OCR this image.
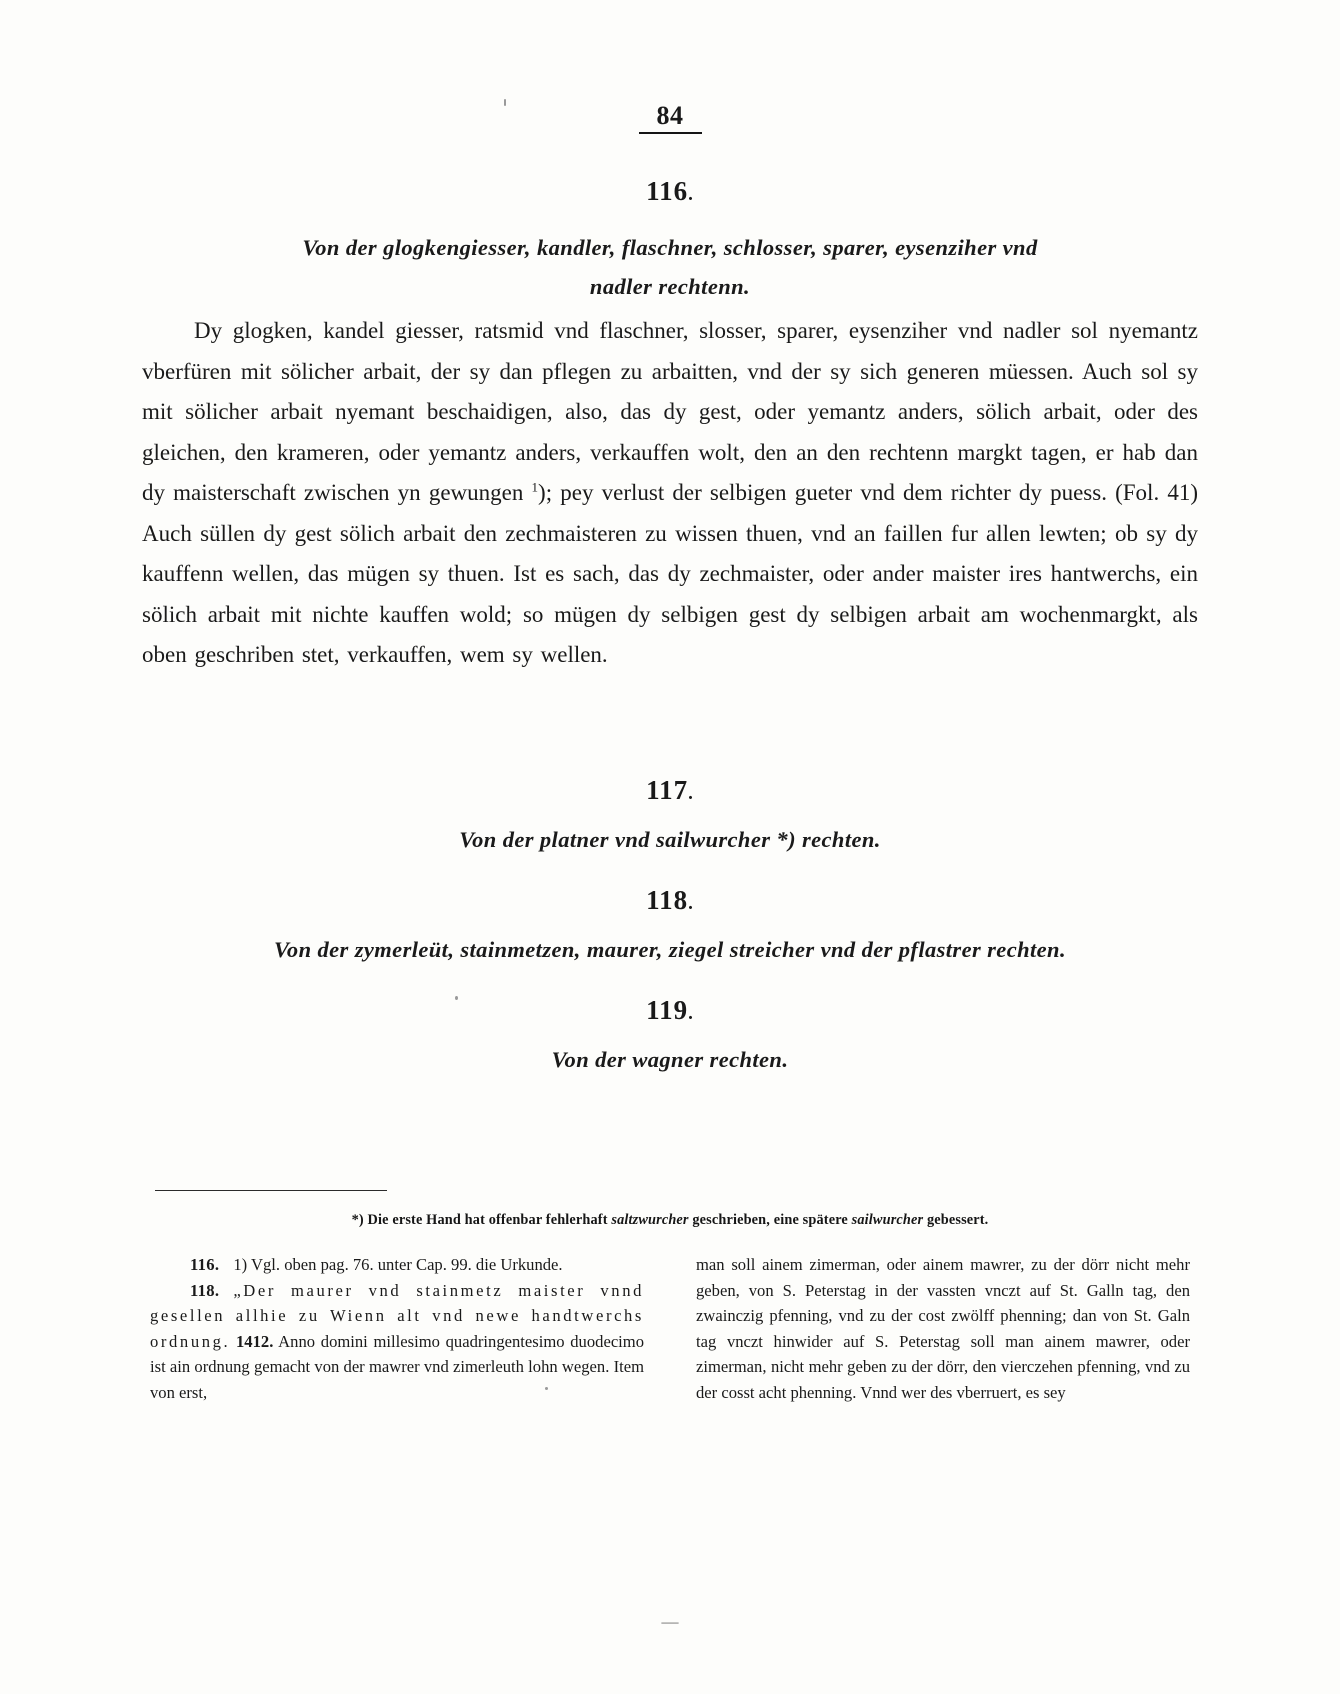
84
116.
Von der glogkengiesser, kandler, flaschner, schlosser, sparer, eysenziher vnd
nadler rechtenn.
Dy glogken, kandel giesser, ratsmid vnd flaschner, slosser, sparer, eysenziher vnd nadler sol nyemantz vberfüren mit sölicher arbait, der sy dan pflegen zu arbaitten, vnd der sy sich generen müessen. Auch sol sy mit sölicher arbait nyemant beschaidigen, also, das dy gest, oder yemantz anders, sölich arbait, oder des gleichen, den krameren, oder yemantz anders, verkauffen wolt, den an den rechtenn margkt tagen, er hab dan dy maisterschaft zwischen yn gewungen $^1$); pey verlust der selbigen gueter vnd dem richter dy puess. (Fol. 41) Auch süllen dy gest sölich arbait den zechmaisteren zu wissen thuen, vnd an faillen fur allen lewten; ob sy dy kauffenn wellen, das mügen sy thuen. Ist es sach, das dy zechmaister, oder ander maister ires hantwerchs, ein sölich arbait mit nichte kauffen wold; so mügen dy selbigen gest dy selbigen arbait am wochenmargkt, als oben geschriben stet, verkauffen, wem sy wellen.
117.
Von der platner vnd sailwurcher *) rechten.
118.
Von der zymerleüt, stainmetzen, maurer, ziegel streicher vnd der pflastrer rechten.
119.
Von der wagner rechten.
*) Die erste Hand hat offenbar fehlerhaft saltzwurcher geschrieben, eine spätere sailwurcher gebessert.

116. 1) Vgl. oben pag. 76. unter Cap. 99. die Urkunde.

118. „Der maurer vnd stainmetz maister vnnd gesellen allhie zu Wienn alt vnd newe handtwerchs ordnung. 1412. Anno domini millesimo quadringentesimo duodecimo ist ain ordnung gemacht von der mawrer vnd zimerleuth lohn wegen. Item von erst,

man soll ainem zimerman, oder ainem mawrer, zu der dörr nicht mehr geben, von S. Peterstag in der vassten vnczt auf St. Galln tag, den zwainczig pfenning, vnd zu der cost zwölff phenning; dan von St. Galn tag vnczt hinwider auf S. Peterstag soll man ainem mawrer, oder zimerman, nicht mehr geben zu der dörr, den vierczehen pfenning, vnd zu der cosst acht phenning. Vnnd wer des vberruert, es sey

—
